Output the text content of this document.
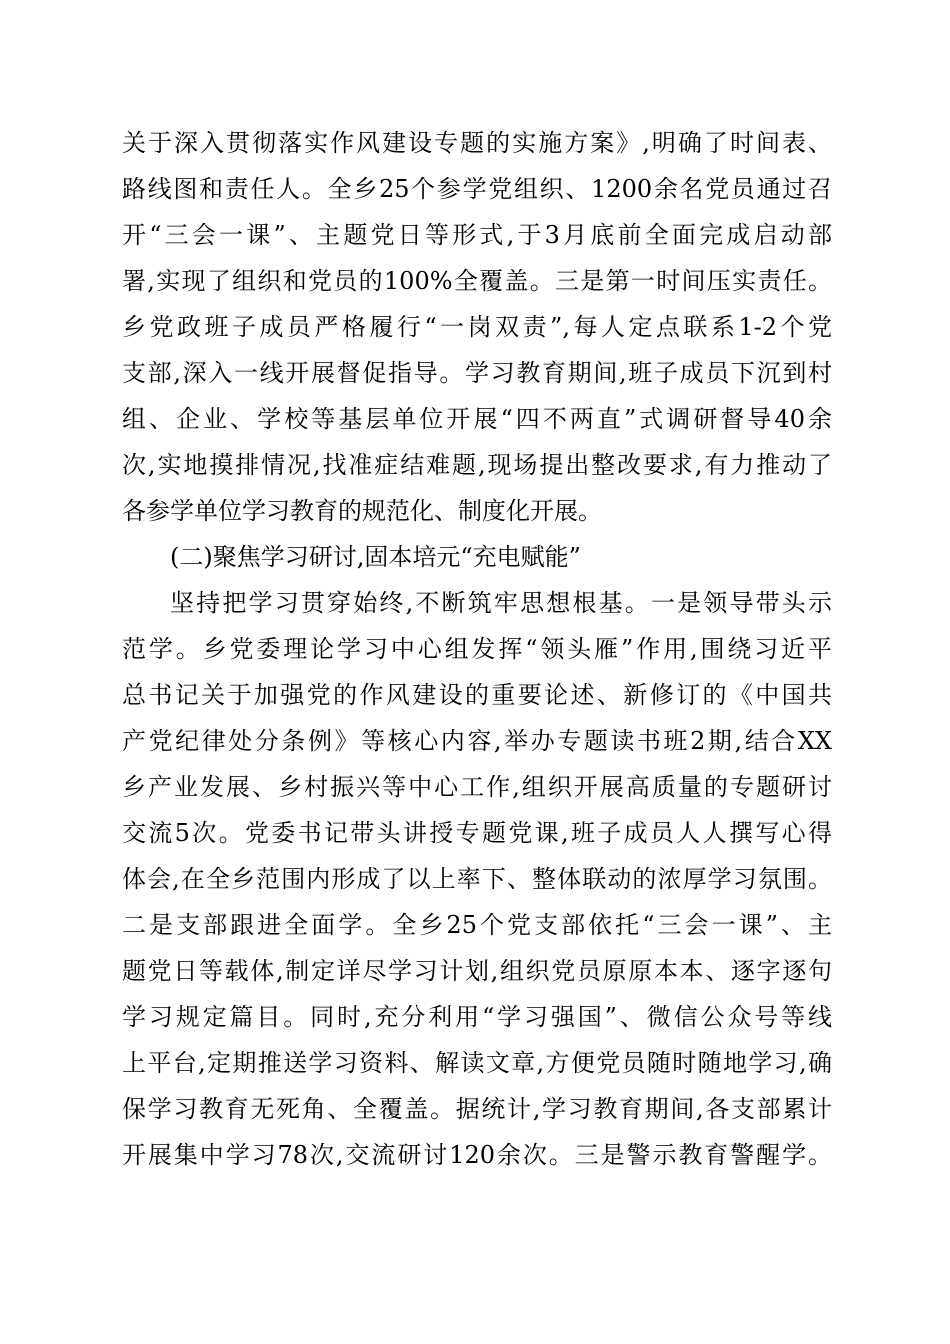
关于深入贯彻落实作风建设专题的实施方案》,明确了时间表、
路线图和责任人。全乡25个参学党组织、1200余名党员通过召
开“三会一课”、主题党日等形式,于3月底前全面完成启动部
署,实现了组织和党员的100%全覆盖。三是第一时间压实责任。
乡党政班子成员严格履行“一岗双责”,每人定点联系1-2个党
支部,深入一线开展督促指导。学习教育期间,班子成员下沉到村
组、企业、学校等基层单位开展“四不两直”式调研督导40余
次,实地摸排情况,找准症结难题,现场提出整改要求,有力推动了
各参学单位学习教育的规范化、制度化开展。
(二)聚焦学习研讨,固本培元“充电赋能”
坚持把学习贯穿始终,不断筑牢思想根基。一是领导带头示
范学。乡党委理论学习中心组发挥“领头雁”作用,围绕习近平
总书记关于加强党的作风建设的重要论述、新修订的《中国共
产党纪律处分条例》等核心内容,举办专题读书班2期,结合XX
乡产业发展、乡村振兴等中心工作,组织开展高质量的专题研讨
交流5次。党委书记带头讲授专题党课,班子成员人人撰写心得
体会,在全乡范围内形成了以上率下、整体联动的浓厚学习氛围。
二是支部跟进全面学。全乡25个党支部依托“三会一课”、主
题党日等载体,制定详尽学习计划,组织党员原原本本、逐字逐句
学习规定篇目。同时,充分利用“学习强国”、微信公众号等线
上平台,定期推送学习资料、解读文章,方便党员随时随地学习,确
保学习教育无死角、全覆盖。据统计,学习教育期间,各支部累计
开展集中学习78次,交流研讨120余次。三是警示教育警醒学。
